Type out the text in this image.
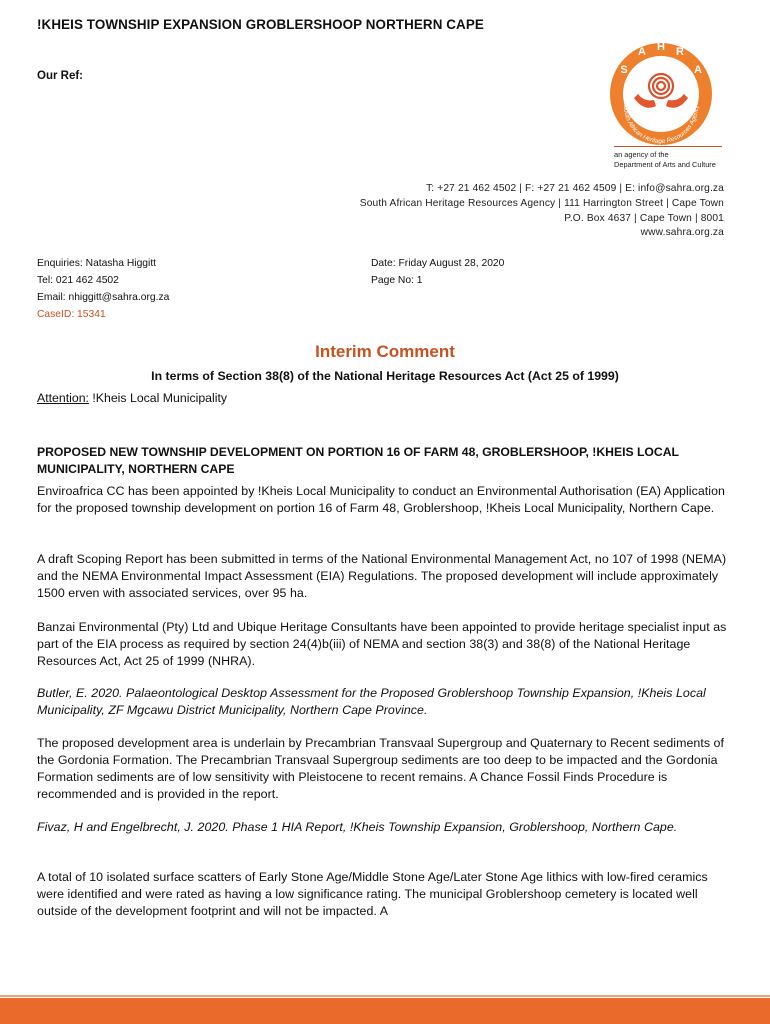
!KHEIS TOWNSHIP EXPANSION GROBLERSHOOP NORTHERN CAPE
Our Ref:	S
A H R
A
South African Heritage Resources Agency
an agency of the
Department of Arts and Culture
T: +27 21 462 4502 | F: +27 21 462 4509 | E: info@sahra.org.za
South African Heritage Resources Agency | 111 Harrington Street | Cape Town
P.O. Box 4637 | Cape Town | 8001
www.sahra.org.za
Enquiries: Natasha Higgitt
Tel: 021 462 4502
Email: nhiggitt@sahra.org.za
CaseID: 15341
Date: Friday August 28, 2020
Page No: 1
Interim Comment
In terms of Section 38(8) of the National Heritage Resources Act (Act 25 of 1999)
Attention: !Kheis Local Municipality
PROPOSED NEW TOWNSHIP DEVELOPMENT ON PORTION 16 OF FARM 48, GROBLERSHOOP, !KHEIS LOCAL MUNICIPALITY, NORTHERN CAPE
Enviroafrica CC has been appointed by !Kheis Local Municipality to conduct an Environmental Authorisation (EA) Application for the proposed township development on portion 16 of Farm 48, Groblershoop, !Kheis Local Municipality, Northern Cape.
A draft Scoping Report has been submitted in terms of the National Environmental Management Act, no 107 of 1998 (NEMA) and the NEMA Environmental Impact Assessment (EIA) Regulations. The proposed development will include approximately 1500 erven with associated services, over 95 ha.
Banzai Environmental (Pty) Ltd and Ubique Heritage Consultants have been appointed to provide heritage specialist input as part of the EIA process as required by section 24(4)b(iii) of NEMA and section 38(3) and 38(8) of the National Heritage Resources Act, Act 25 of 1999 (NHRA).
Butler, E. 2020. Palaeontological Desktop Assessment for the Proposed Groblershoop Township Expansion, !Kheis Local Municipality, ZF Mgcawu District Municipality, Northern Cape Province.
The proposed development area is underlain by Precambrian Transvaal Supergroup and Quaternary to Recent sediments of the Gordonia Formation. The Precambrian Transvaal Supergroup sediments are too deep to be impacted and the Gordonia Formation sediments are of low sensitivity with Pleistocene to recent remains. A Chance Fossil Finds Procedure is recommended and is provided in the report.
Fivaz, H and Engelbrecht, J. 2020. Phase 1 HIA Report, !Kheis Township Expansion, Groblershoop, Northern Cape.
A total of 10 isolated surface scatters of Early Stone Age/Middle Stone Age/Later Stone Age lithics with low-fired ceramics were identified and were rated as having a low significance rating. The municipal Groblershoop cemetery is located well outside of the development footprint and will not be impacted. A
